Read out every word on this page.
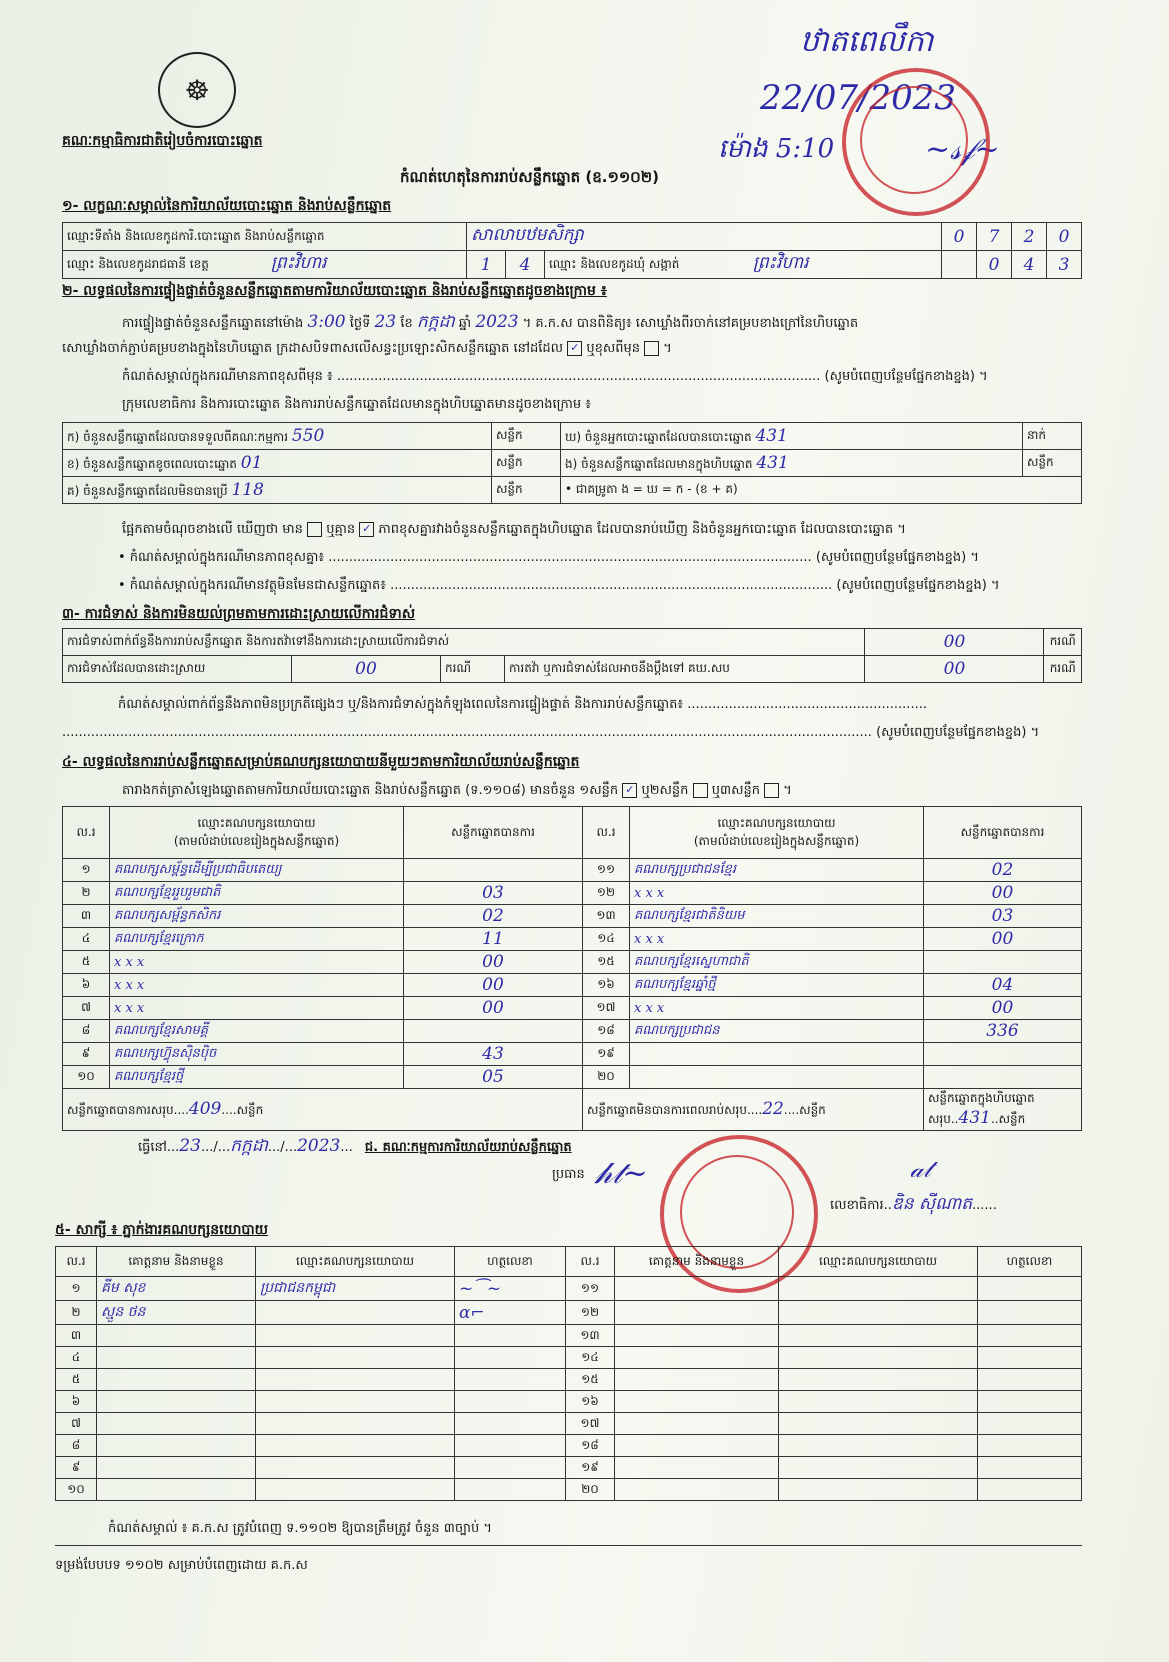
☸
គណៈកម្មាធិការជាតិរៀបចំការបោះឆ្នោត
ឋាតពេលឹកា
22/07/2023
ម៉ោង 5:10	~𝓈𝒻~
កំណត់ហេតុនៃការរាប់សន្លឹកឆ្នោត (ឧ.១១០២)
១- លក្ខណៈសម្គាល់នៃការិយាល័យបោះឆ្នោត និងរាប់សន្លឹកឆ្នោត
ឈ្មោះទីតាំង និងលេខកូដការិ.បោះឆ្នោត និងរាប់សន្លឹកឆ្នោត	សាលាបឋមសិក្សា			0	7	2	0
ឈ្មោះ និងលេខកូដរាជធានី ខេត្ត ព្រះវិហារ	1	4	ឈ្មោះ និងលេខកូដឃុំ សង្កាត់ ព្រះវិហារ		0	4	3
២- លទ្ធផលនៃការផ្ទៀងផ្ទាត់ចំនួនសន្លឹកឆ្នោតតាមការិយាល័យបោះឆ្នោត និងរាប់សន្លឹកឆ្នោតដូចខាងក្រោម ៖
ការផ្ទៀងផ្ទាត់ចំនួនសន្លឹកឆ្នោតនៅម៉ោង 3:00 ថ្ងៃទី 23 ខែ កក្កដា ឆ្នាំ 2023 ។ គ.ក.ស បានពិនិត្យ៖ សោឃ្លាំងពីរចាក់នៅគម្របខាងក្រៅនៃហិបឆ្នោត
សោឃ្លាំងចាក់ភ្ជាប់គម្របខាងក្នុងនៃហិបឆ្នោត ក្រដាសបិទពាសលើសន្ធះប្រឡោះសិកសន្លឹកឆ្នោត នៅដដែល ✓ ឬខុសពីមុន  ។
កំណត់សម្គាល់ក្នុងករណីមានភាពខុសពីមុន ៖ ..................................................................................................................... (សូមបំពេញបន្ថែមផ្នែកខាងខ្នង) ។
ក្រុមលេខាធិការ និងការបោះឆ្នោត និងការរាប់សន្លឹកឆ្នោតដែលមានក្នុងហិបឆ្នោតមានដូចខាងក្រោម ៖
ក) ចំនួនសន្លឹកឆ្នោតដែលបានទទួលពីគណៈកម្មការ 550	សន្លឹក	ឃ) ចំនួនអ្នកបោះឆ្នោតដែលបានបោះឆ្នោត 431	នាក់
ខ) ចំនួនសន្លឹកឆ្នោតខូចពេលបោះឆ្នោត 01	សន្លឹក	ង) ចំនួនសន្លឹកឆ្នោតដែលមានក្នុងហិបឆ្នោត 431	សន្លឹក
គ) ចំនួនសន្លឹកឆ្នោតដែលមិនបានប្រើ 118	សន្លឹក	• ជាគម្រូតា ង = ឃ = ក - (ខ + គ)	
ផ្អែកតាមចំណុចខាងលើ ឃើញថា មាន ឬគ្មាន ✓ ភាពខុសគ្នារវាងចំនួនសន្លឹកឆ្នោតក្នុងហិបឆ្នោត ដែលបានរាប់ឃើញ និងចំនួនអ្នកបោះឆ្នោត ដែលបានបោះឆ្នោត ។
• កំណត់សម្គាល់ក្នុងករណីមានភាពខុសគ្នា៖ ..................................................................................................................... (សូមបំពេញបន្ថែមផ្នែកខាងខ្នង) ។
• កំណត់សម្គាល់ក្នុងករណីមានវត្ថុមិនមែនជាសន្លឹកឆ្នោត៖ ........................................................................................................... (សូមបំពេញបន្ថែមផ្នែកខាងខ្នង) ។
៣- ការជំទាស់ និងការមិនយល់ព្រមតាមការដោះស្រាយលើការជំទាស់
ការជំទាស់ពាក់ព័ន្ធនឹងការរាប់សន្លឹកឆ្នោត និងការតវ៉ាទៅនឹងការដោះស្រាយលើការជំទាស់				00	ករណី
ការជំទាស់ដែលបានដោះស្រាយ	00	ករណី	ការតវ៉ា ឬការជំទាស់ដែលអាចនឹងប្តឹងទៅ គឃ.សប	00	ករណី
កំណត់សម្គាល់ពាក់ព័ន្ធនឹងភាពមិនប្រក្រតីផ្សេងៗ ឬ/និងការជំទាស់ក្នុងកំឡុងពេលនៃការផ្ទៀងផ្ទាត់ និងការរាប់សន្លឹកឆ្នោត៖ ..........................................................
.................................................................................................................................................................................................... (សូមបំពេញបន្ថែមផ្នែកខាងខ្នង) ។
៤- លទ្ធផលនៃការរាប់សន្លឹកឆ្នោតសម្រាប់គណបក្សនយោបាយនីមួយៗតាមការិយាល័យរាប់សន្លឹកឆ្នោត
តារាងកត់ត្រាសំឡេងឆ្នោតតាមការិយាល័យបោះឆ្នោត និងរាប់សន្លឹកឆ្នោត (ទ.១១០៨) មានចំនួន ១សន្លឹក ✓ ឬ២សន្លឹក ឬ៣សន្លឹក  ។
ល.រ	ឈ្មោះគណបក្សនយោបាយ
(តាមលំដាប់លេខរៀងក្នុងសន្លឹកឆ្នោត)	សន្លឹកឆ្នោតបានការ	ល.រ	ឈ្មោះគណបក្សនយោបាយ
(តាមលំដាប់លេខរៀងក្នុងសន្លឹកឆ្នោត)	សន្លឹកឆ្នោតបានការ
១	គណបក្សសម្ព័ន្ធដើម្បីប្រជាធិបតេយ្យ		១១	គណបក្សប្រជាជនខ្មែរ	02
២	គណបក្សខ្មែររួបរួមជាតិ	03	១២	x x x	00
៣	គណបក្សសម្ព័ន្ធកសិករ	02	១៣	គណបក្សខ្មែរជាតិនិយម	03
៤	គណបក្សខ្មែរក្រោក	11	១៤	x x x	00
៥	x x x	00	១៥	គណបក្សខ្មែរស្នេហាជាតិ	
៦	x x x	00	១៦	គណបក្សខ្មែរឆ្នាំថ្មី	04
៧	x x x	00	១៧	x x x	00
៨	គណបក្សខ្មែរសាមគ្គី		១៨	គណបក្សប្រជាជន	336
៩	គណបក្សហ៊្វុនស៊ិនប៉ិច	43	១៩		
១០	គណបក្សខ្មែរថ្មី	05	២០		
សន្លឹកឆ្នោតបានការសរុប....409....សន្លឹក			សន្លឹកឆ្នោតមិនបានការពេលរាប់សរុប....22....សន្លឹក		សន្លឹកឆ្នោតក្នុងហិបឆ្នោតសរុប..431..សន្លឹក
ធ្វើនៅ...23.../...កក្កដា.../...2023... ជ. គណៈកម្មការការិយាល័យរាប់សន្លឹកឆ្នោត
ប្រធាន 𝒽𝓉~
លេខាធិការ..ឌិន ស៊ីណាត......
𝒶𝓉
៥- សាក្សី ៖ ភ្នាក់ងារគណបក្សនយោបាយ
ល.រ	គោត្តនាម និងនាមខ្លួន	ឈ្មោះគណបក្សនយោបាយ	ហត្ថលេខា	ល.រ	គោត្តនាម និងនាមខ្លួន	ឈ្មោះគណបក្សនយោបាយ	ហត្ថលេខា
១	គីម សុខ	ប្រជាជនកម្ពុជា	~⁀~	១១			
២	ស្មួន ថន		ɑ⌐	១២			
៣				១៣			
៤				១៤			
៥				១៥			
៦				១៦			
៧				១៧			
៨				១៨			
៩				១៩			
១០				២០			
កំណត់សម្គាល់ ៖ គ.ក.ស ត្រូវបំពេញ ទ.១១០២ ឱ្យបានត្រឹមត្រូវ ចំនួន ៣ច្បាប់ ។
ទម្រង់បែបបទ ១១០២ សម្រាប់បំពេញដោយ គ.ក.ស
